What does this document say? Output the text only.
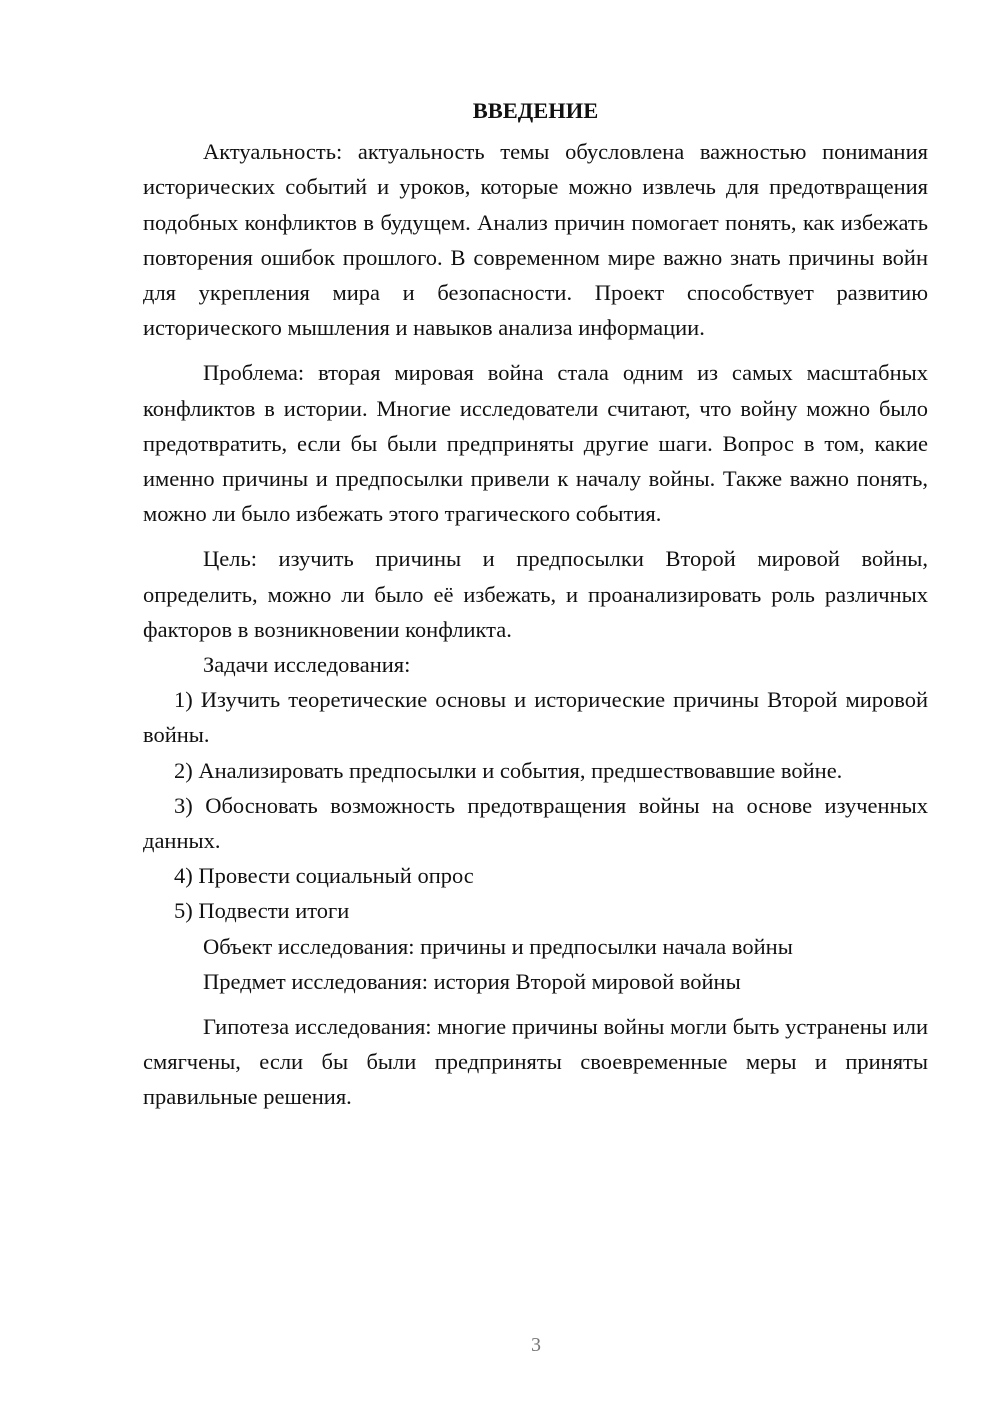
ВВЕДЕНИЕ

Актуальность: актуальность темы обусловлена важностью понимания исторических событий и уроков, которые можно извлечь для предотвращения подобных конфликтов в будущем. Анализ причин помогает понять, как избежать повторения ошибок прошлого. В современном мире важно знать причины войн для укрепления мира и безопасности. Проект способствует развитию исторического мышления и навыков анализа информации.

Проблема: вторая мировая война стала одним из самых масштабных конфликтов в истории. Многие исследователи считают, что войну можно было предотвратить, если бы были предприняты другие шаги. Вопрос в том, какие именно причины и предпосылки привели к началу войны. Также важно понять, можно ли было избежать этого трагического события.

Цель: изучить причины и предпосылки Второй мировой войны, определить, можно ли было её избежать, и проанализировать роль различных факторов в возникновении конфликта.

Задачи исследования:

1) Изучить теоретические основы и исторические причины Второй мировой войны.

2) Анализировать предпосылки и события, предшествовавшие войне.

3) Обосновать возможность предотвращения войны на основе изученных данных.

4) Провести социальный опрос

5) Подвести итоги

Объект исследования: причины и предпосылки начала войны

Предмет исследования: история Второй мировой войны

Гипотеза исследования: многие причины войны могли быть устранены или смягчены, если бы были предприняты своевременные меры и приняты правильные решения.

3
